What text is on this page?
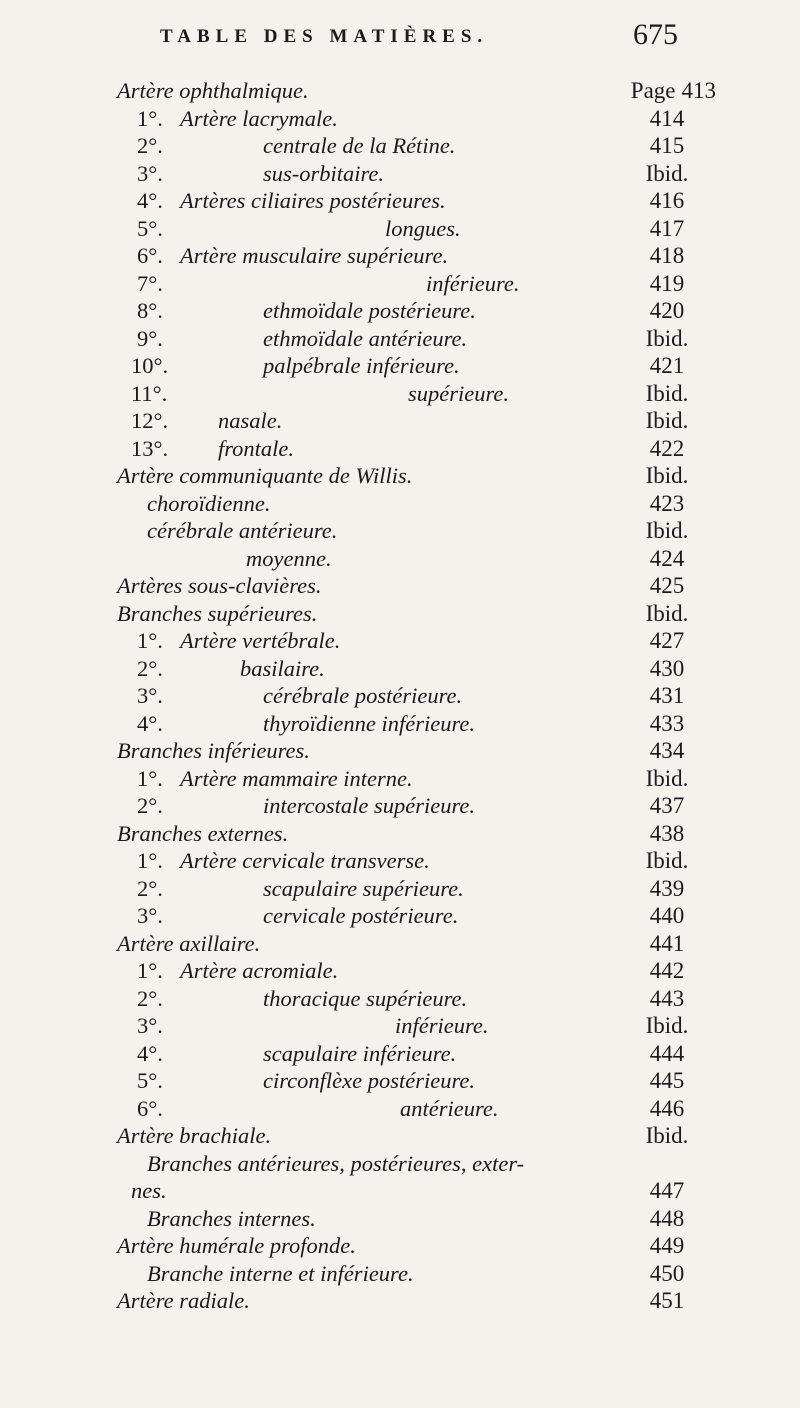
TABLE DES MATIÈRES.	675
Artère ophthalmique.	Page 413
1°. Artère lacrymale.	414
2°.	centrale de la Rétine.	415
3°.	sus-orbitaire.	Ibid.
4°. Artères ciliaires postérieures.	416
5°.	longues.	417
6°. Artère musculaire supérieure.	418
7°.	inférieure.	419
8°.	ethmoïdale postérieure.	420
9°.	ethmoïdale antérieure.	Ibid.
10°.	palpébrale inférieure.	421
11°.	supérieure.	Ibid.
12°. nasale.	Ibid.
13°. frontale.	422
Artère communiquante de Willis.	Ibid.
choroïdienne.	423
cérébrale antérieure.	Ibid.
moyenne.	424
Artères sous-clavières.	425
Branches supérieures.	Ibid.
1°. Artère vertébrale.	427
2°.	basilaire.	430
3°.	cérébrale postérieure.	431
4°.	thyroïdienne inférieure.	433
Branches inférieures.	434
1°. Artère mammaire interne.	Ibid.
2°.	intercostale supérieure.	437
Branches externes.	438
1°. Artère cervicale transverse.	Ibid.
2°.	scapulaire supérieure.	439
3°.	cervicale postérieure.	440
Artère axillaire.	441
1°. Artère acromiale.	442
2°.	thoracique supérieure.	443
3°.	inférieure.	Ibid.
4°.	scapulaire inférieure.	444
5°.	circonflèxe postérieure.	445
6°.	antérieure.	446
Artère brachiale.	Ibid.
Branches antérieures, postérieures, exter-
nes.	447
Branches internes.	448
Artère humérale profonde.	449
Branche interne et inférieure.	450
Artère radiale.	451
